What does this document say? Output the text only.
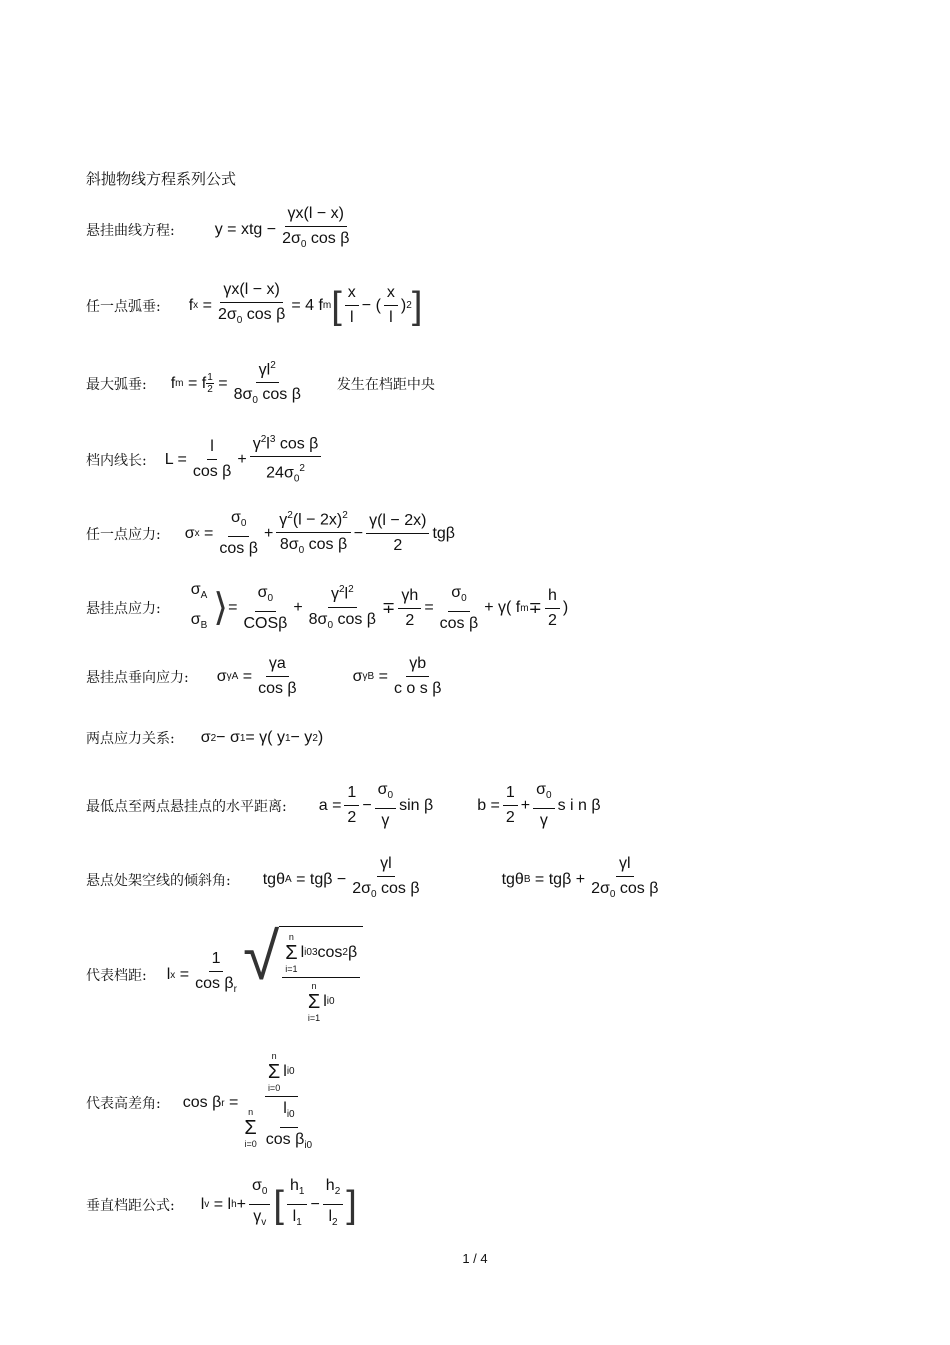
斜抛物线方程系列公式
悬挂曲线方程:	y = xtg − $\frac{\gamma x(l - x)}{2\sigma_0 \cos \beta}$
任一点弧垂: f $x = \frac{\gamma x(l - x)}{2\sigma_0 \cos \beta} = 4$ f m [ $\frac{x}{l}$ − ( $\frac{x}{l}$ ) 2 ]
最大弧垂: f m = f $\frac{1}{2} = \frac{\gamma l^2}{8\sigma_0 \cos \beta}$ 发生在档距中央
档内线长: $L = \frac{l}{\text{cos β}} + \frac{\gamma^2l^3 \cos \beta}{24\sigma_0^2}$
任一点应力: σ $x = \frac{\sigma_0}{\text{cos β}} + \frac{\gamma^2(l - 2x)^2}{8\sigma_0 \cos \beta} - \frac{\gamma(l - 2x)}{2}$ tgβ
悬挂点应力:
$\sigma_A$
$\sigma_B$ ⟩ = $\frac{\sigma_0}{\text{COSβ}} + \frac{\gamma^2l^2}{8\sigma_0 \cos \beta} \mp \frac{\gamma h}{2} = \frac{\sigma_0}{\text{cos β}} + \gamma$( f $m \mp \frac{h}{2}$ )
悬挂点垂向应力: σ $\gamma A = \frac{\gamma a}{\text{cos β}}$	σ $\gamma B = \frac{\gamma b}{\text{c o s β}}$
两点应力关系: σ 2 − σ 1 = γ( y 1 − y 2 )
最低点至两点悬挂点的水平距离: $a = \frac{1}{2} - \frac{\sigma_0}{\gamma}$ sin β	$b = \frac{1}{2} + \frac{\sigma_0}{\gamma}$ s i n β
悬点处架空线的倾斜角: tgθ $A = tg\beta - \frac{\gamma l}{2\sigma_0 \cos \beta}$	tgθ $B = tg\beta + \frac{\gamma l}{2\sigma_0 \cos \beta}$
代表档距: l $x = \frac{1}{\cos \beta_r}$ √ n
Σ
i=1
l i0 3 cos 2 β
n
Σ
i=1
l i0
代表高差角: cos β r = n
Σ
i=0
l i0
n
Σ
$i=0 \frac{l_{i0}}{\cos \beta_{i0}}$
垂直档距公式: l v = l $h + \frac{\sigma_0}{\gamma_v}$ [ $\frac{h_1}{l_1} - \frac{h_2}{l_2}$ ]
1 / 4
